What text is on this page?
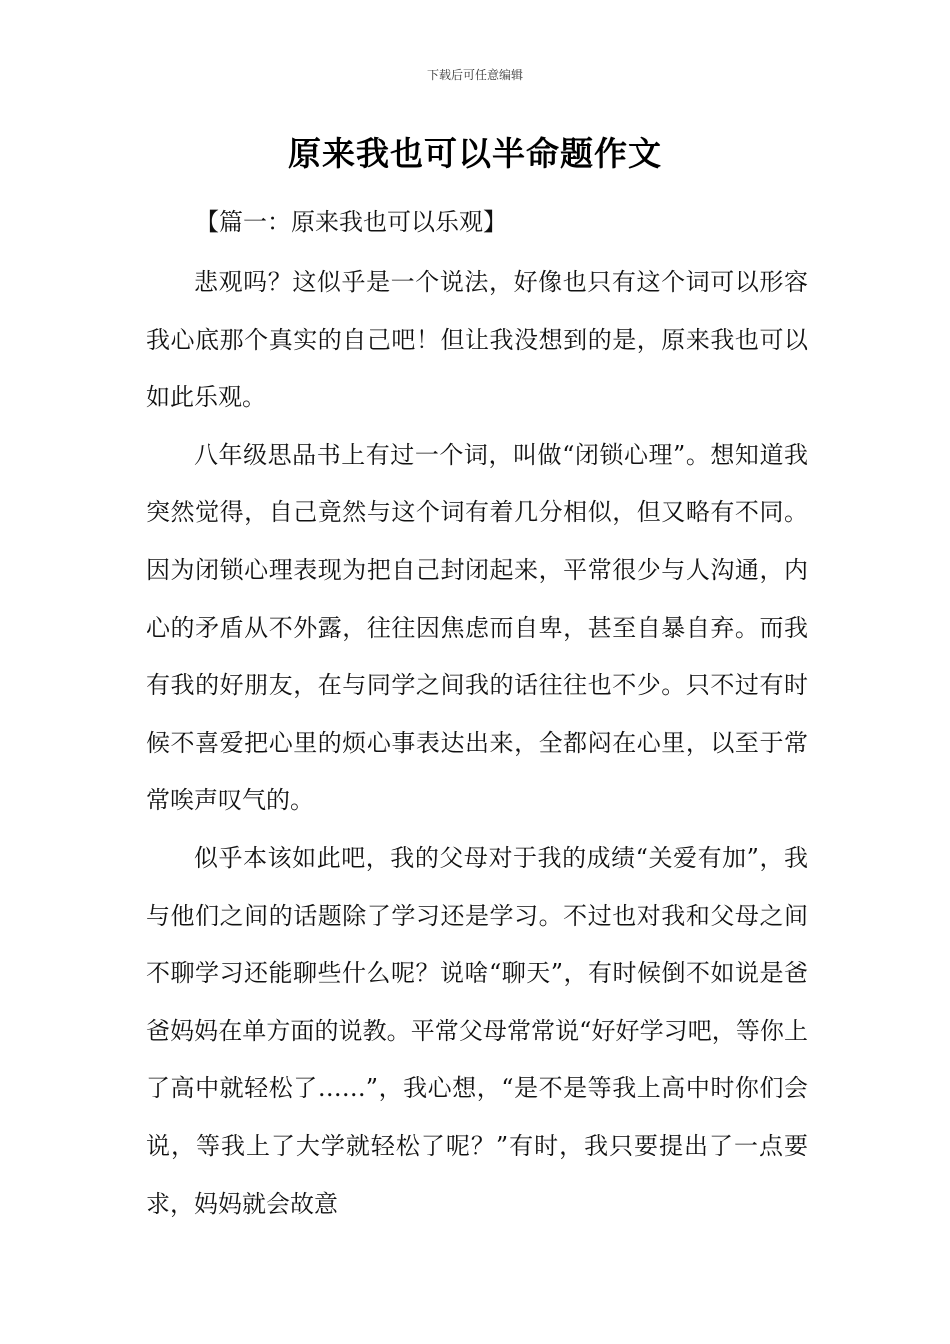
下载后可任意编辑
原来我也可以半命题作文
【篇一：原来我也可以乐观】

悲观吗？这似乎是一个说法，好像也只有这个词可以形容我心底那个真实的自己吧！但让我没想到的是，原来我也可以如此乐观。

八年级思品书上有过一个词，叫做“闭锁心理”。想知道我突然觉得，自己竟然与这个词有着几分相似，但又略有不同。因为闭锁心理表现为把自己封闭起来，平常很少与人沟通，内心的矛盾从不外露，往往因焦虑而自卑，甚至自暴自弃。而我有我的好朋友，在与同学之间我的话往往也不少。只不过有时候不喜爱把心里的烦心事表达出来，全都闷在心里，以至于常常唉声叹气的。

似乎本该如此吧，我的父母对于我的成绩“关爱有加”，我与他们之间的话题除了学习还是学习。不过也对我和父母之间不聊学习还能聊些什么呢？说啥“聊天”，有时候倒不如说是爸爸妈妈在单方面的说教。平常父母常常说“好好学习吧，等你上了高中就轻松了……”，我心想，“是不是等我上高中时你们会说，等我上了大学就轻松了呢？”有时，我只要提出了一点要求，妈妈就会故意
